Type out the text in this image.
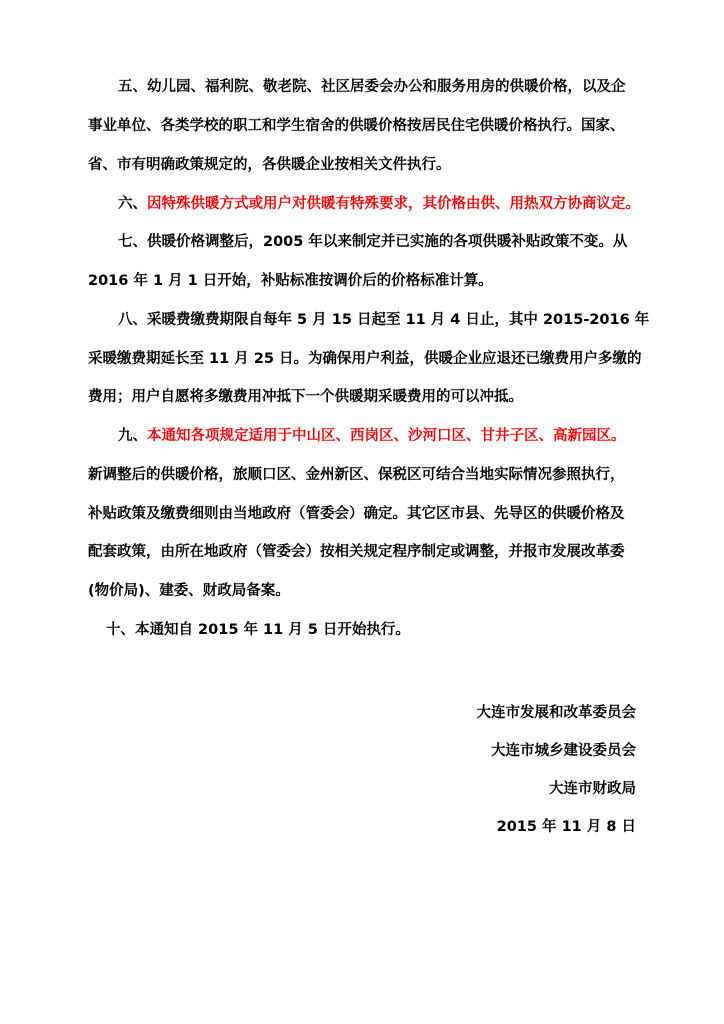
五、幼儿园、福利院、敬老院、社区居委会办公和服务用房的供暖价格，以及企
事业单位、各类学校的职工和学生宿舍的供暖价格按居民住宅供暖价格执行。国家、
省、市有明确政策规定的，各供暖企业按相关文件执行。
六、因特殊供暖方式或用户对供暖有特殊要求，其价格由供、用热双方协商议定。
七、供暖价格调整后，2005 年以来制定并已实施的各项供暖补贴政策不变。从
2016 年 1 月 1 日开始，补贴标准按调价后的价格标准计算。
八、采暖费缴费期限自每年 5 月 15 日起至 11 月 4 日止，其中 2015-2016 年
采暖缴费期延长至 11 月 25 日。为确保用户利益，供暖企业应退还已缴费用户多缴的
费用；用户自愿将多缴费用冲抵下一个供暖期采暖费用的可以冲抵。
九、本通知各项规定适用于中山区、西岗区、沙河口区、甘井子区、高新园区。
新调整后的供暖价格，旅顺口区、金州新区、保税区可结合当地实际情况参照执行，
补贴政策及缴费细则由当地政府（管委会）确定。其它区市县、先导区的供暖价格及
配套政策，由所在地政府（管委会）按相关规定程序制定或调整，并报市发展改革委
(物价局)、建委、财政局备案。
十、本通知自 2015 年 11 月 5 日开始执行。
大连市发展和改革委员会
大连市城乡建设委员会
大连市财政局
2015 年 11 月 8 日
